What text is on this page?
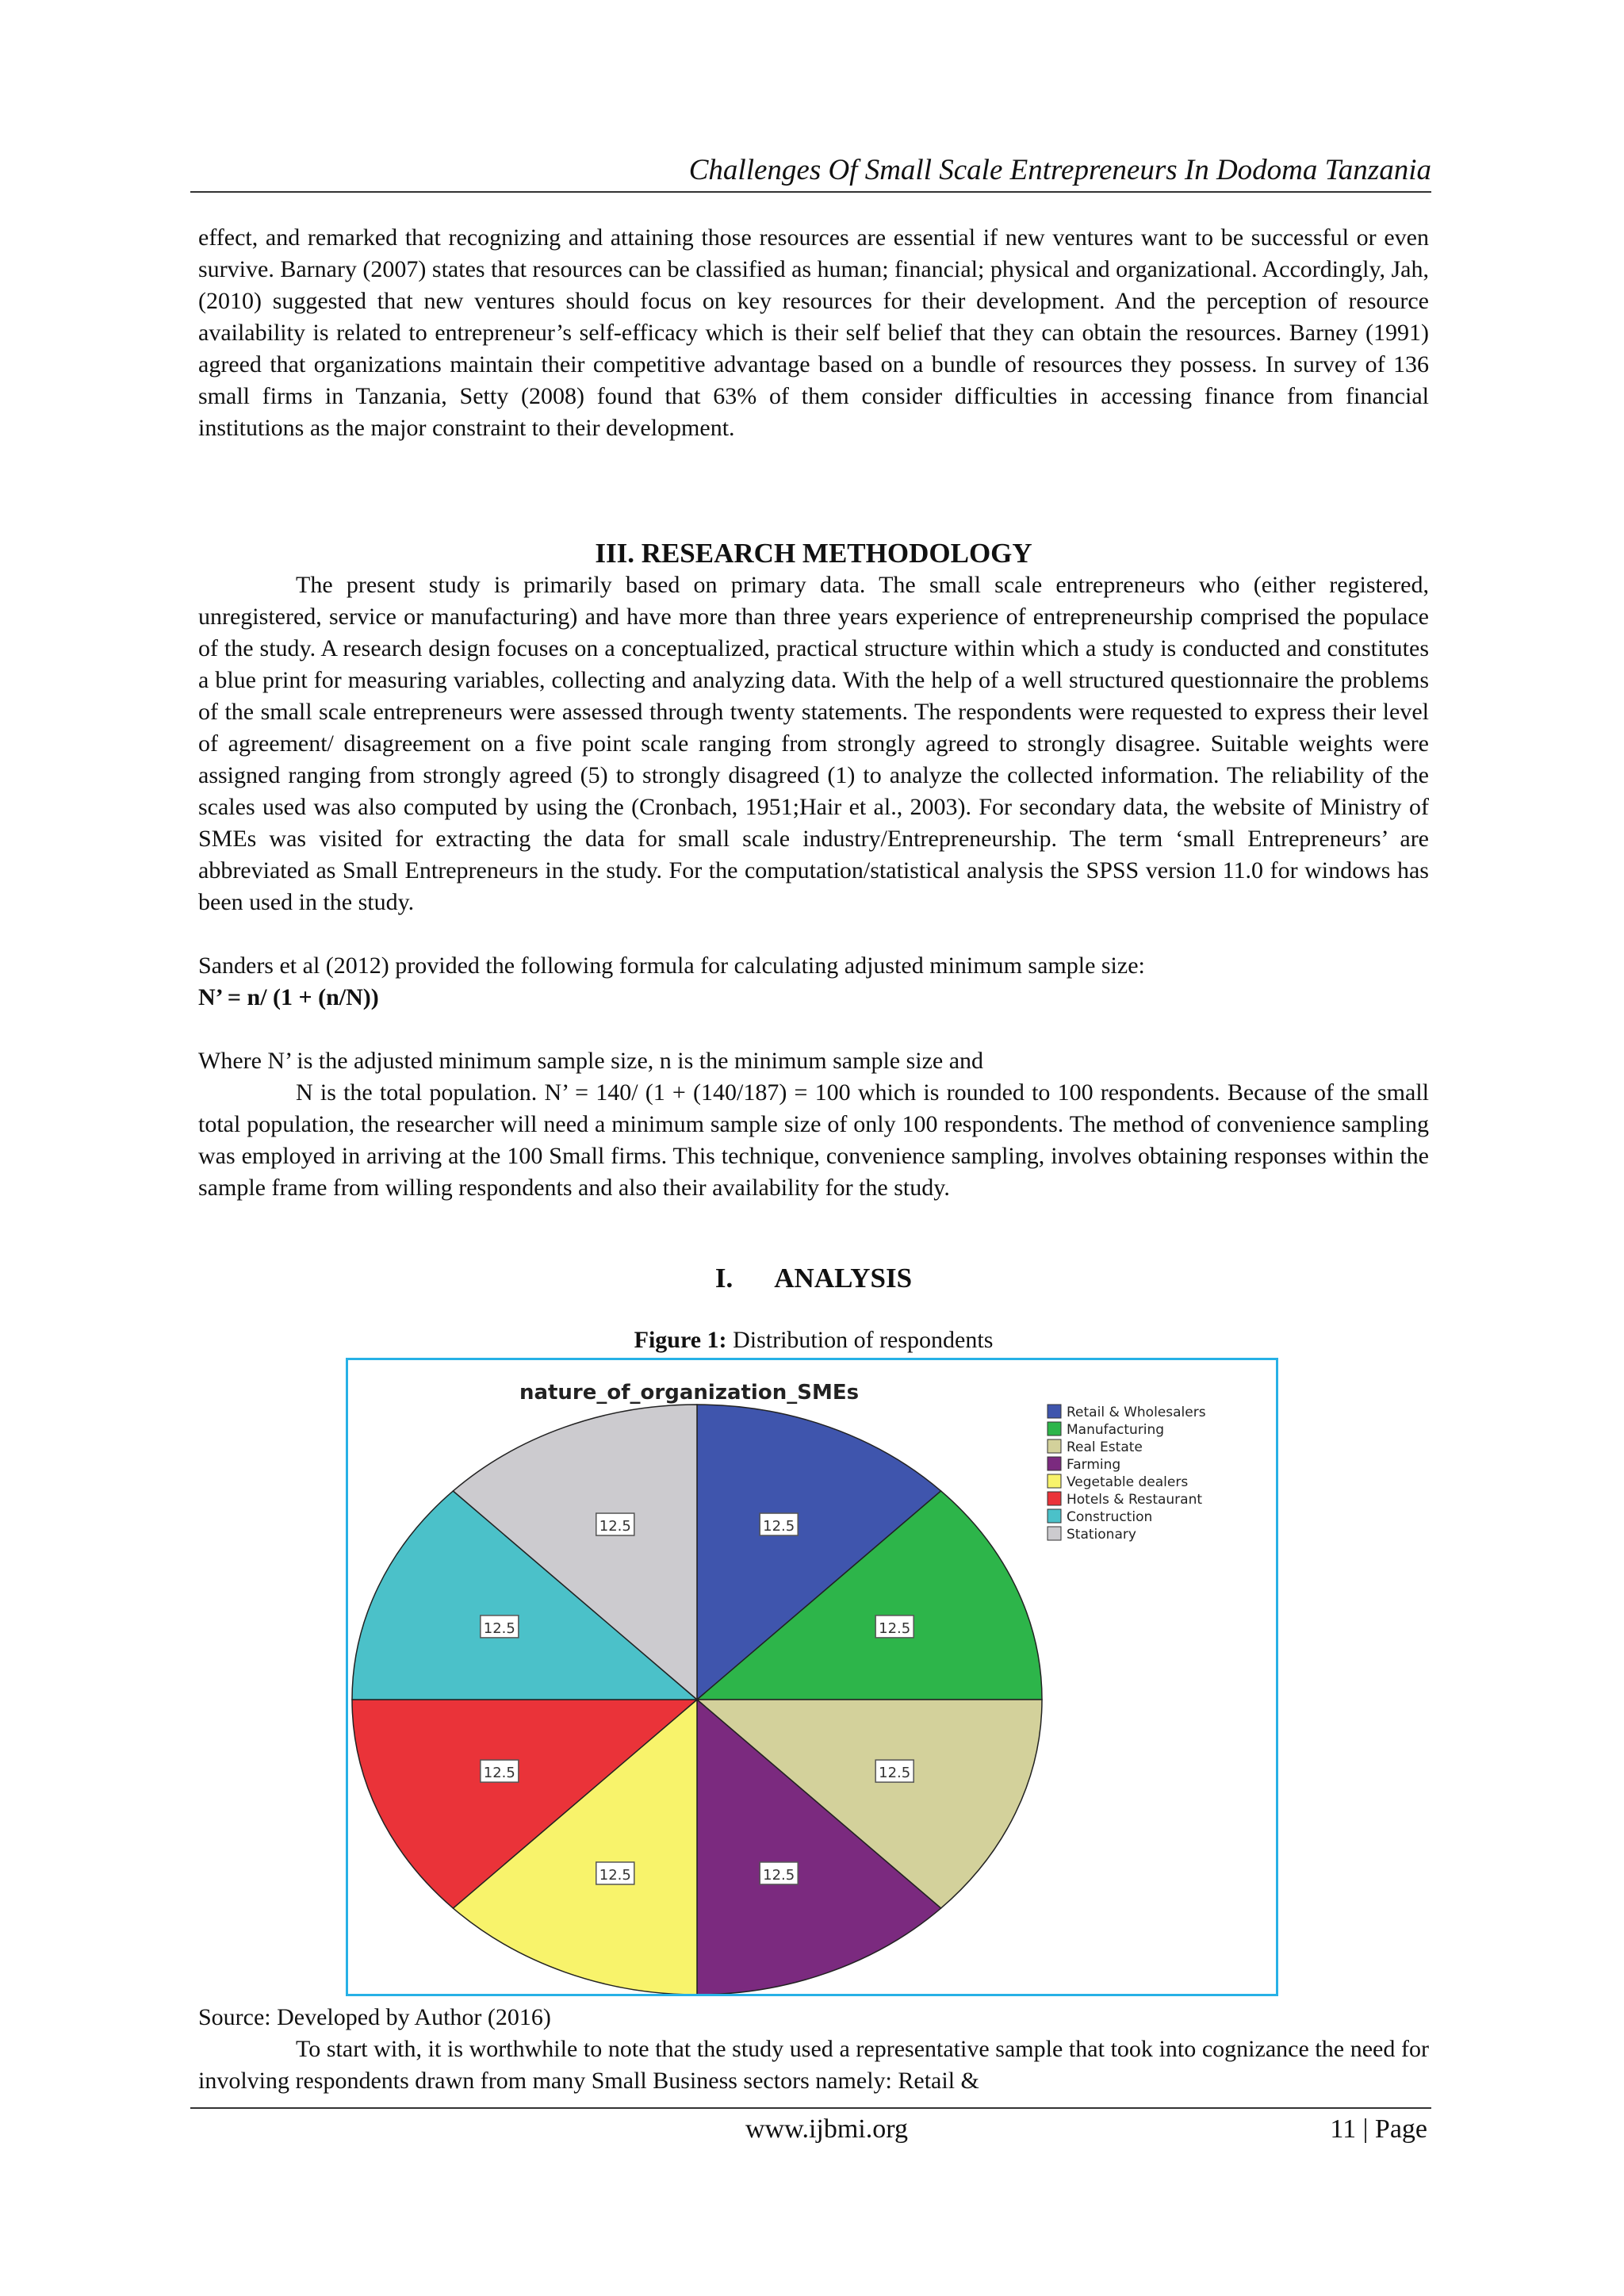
Challenges Of Small Scale Entrepreneurs In Dodoma Tanzania

effect, and remarked that recognizing and attaining those resources are essential if new ventures want to be successful or even survive. Barnary (2007) states that resources can be classified as human; financial; physical and organizational. Accordingly, Jah, (2010) suggested that new ventures should focus on key resources for their development. And the perception of resource availability is related to entrepreneur’s self-efficacy which is their self belief that they can obtain the resources. Barney (1991) agreed that organizations maintain their competitive advantage based on a bundle of resources they possess. In survey of 136 small firms in Tanzania, Setty (2008) found that 63% of them consider difficulties in accessing finance from financial institutions as the major constraint to their development.

III. RESEARCH METHODOLOGY

The present study is primarily based on primary data. The small scale entrepreneurs who (either registered, unregistered, service or manufacturing) and have more than three years experience of entrepreneurship comprised the populace of the study. A research design focuses on a conceptualized, practical structure within which a study is conducted and constitutes a blue print for measuring variables, collecting and analyzing data. With the help of a well structured questionnaire the problems of the small scale entrepreneurs were assessed through twenty statements. The respondents were requested to express their level of agreement/ disagreement on a five point scale ranging from strongly agreed to strongly disagree. Suitable weights were assigned ranging from strongly agreed (5) to strongly disagreed (1) to analyze the collected information. The reliability of the scales used was also computed by using the (Cronbach, 1951;Hair et al., 2003). For secondary data, the website of Ministry of SMEs was visited for extracting the data for small scale industry/Entrepreneurship. The term ‘small Entrepreneurs’ are abbreviated as Small Entrepreneurs in the study. For the computation/statistical analysis the SPSS version 11.0 for windows has been used in the study.

Sanders et al (2012) provided the following formula for calculating adjusted minimum sample size:

N’ = n/ (1 + (n/N))

Where N’ is the adjusted minimum sample size, n is the minimum sample size and

N is the total population. N’ = 140/ (1 + (140/187) = 100 which is rounded to 100 respondents. Because of the small total population, the researcher will need a minimum sample size of only 100 respondents. The method of convenience sampling was employed in arriving at the 100 Small firms. This technique, convenience sampling, involves obtaining responses within the sample frame from willing respondents and also their availability for the study.

I. ANALYSIS
Figure 1: Distribution of respondents
nature_of_organization_SMEs
12.5
12.5
12.5
12.5
12.5
12.5
12.5
12.5
Retail & Wholesalers
Manufacturing
Real Estate
Farming
Vegetable dealers
Hotels & Restaurant
Construction
Stationary

Source: Developed by Author (2016)

To start with, it is worthwhile to note that the study used a representative sample that took into cognizance the need for involving respondents drawn from many Small Business sectors namely: Retail &

www.ijbmi.org	11 | Page
